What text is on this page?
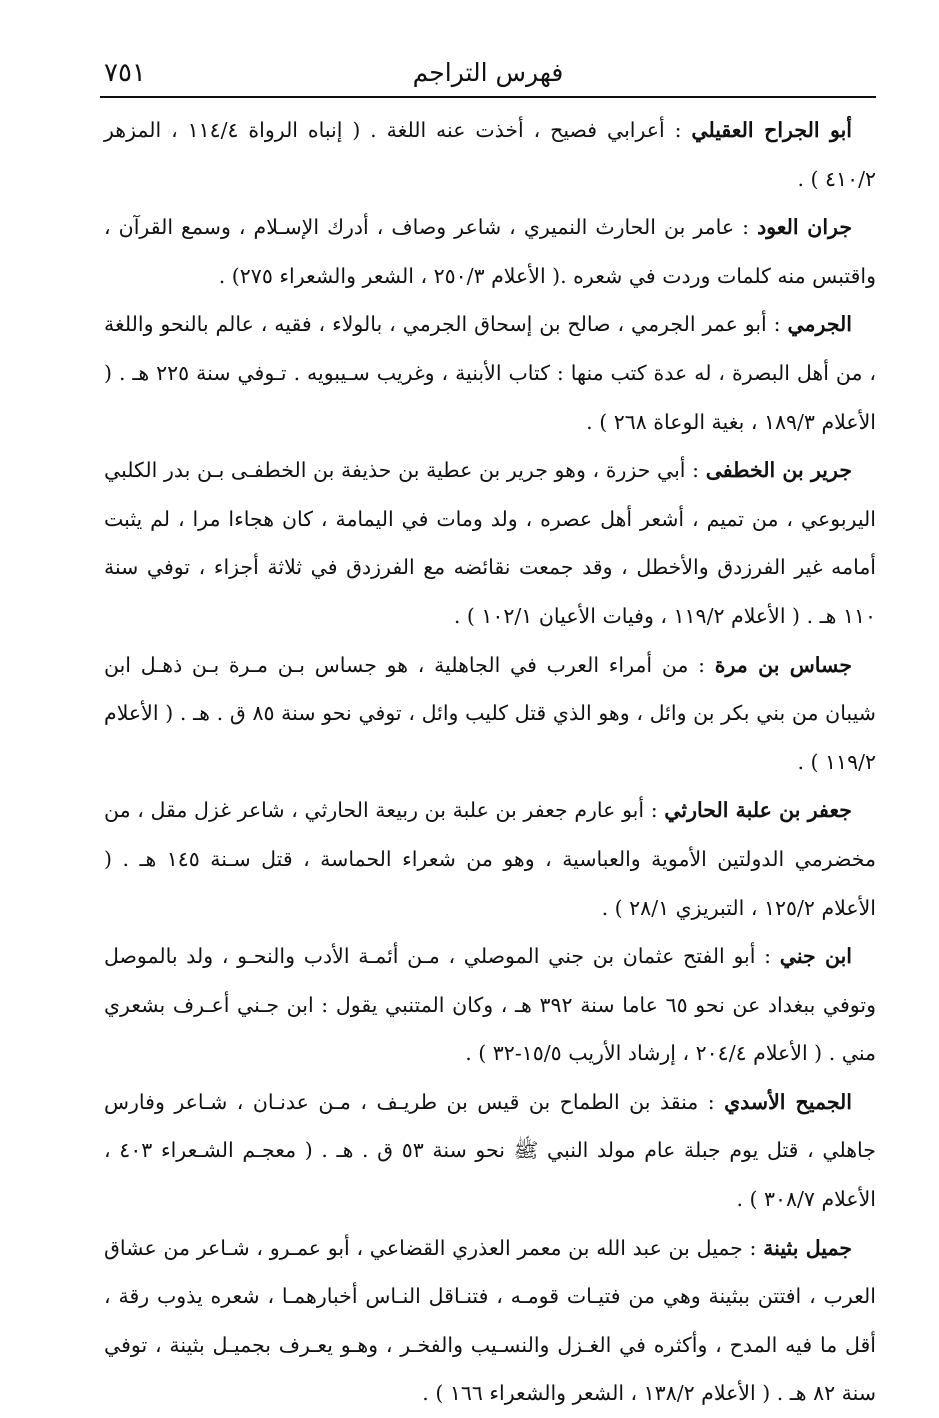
٧٥١	فهرس التراجم

أبو الجراح العقيلي : أعرابي فصيح ، أخذت عنه اللغة . ( إنباه الرواة ١١٤/٤ ، المزهر ٤١٠/٢ ) .

جران العود : عامر بن الحارث النميري ، شاعر وصاف ، أدرك الإسـلام ، وسمع القرآن ، واقتبس منه كلمات وردت في شعره .( الأعلام ٢٥٠/٣ ، الشعر والشعراء ٢٧٥) .

الجرمي : أبو عمر الجرمي ، صالح بن إسحاق الجرمي ، بالولاء ، فقيه ، عالم بالنحو واللغة ، من أهل البصرة ، له عدة كتب منها : كتاب الأبنية ، وغريب سـيبويه . تـوفي سنة ٢٢٥ هـ . ( الأعلام ١٨٩/٣ ، بغية الوعاة ٢٦٨ ) .

جرير بن الخطفى : أبي حزرة ، وهو جرير بن عطية بن حذيفة بن الخطفـى بـن بدر الكلبي اليربوعي ، من تميم ، أشعر أهل عصره ، ولد ومات في اليمامة ، كان هجاءا مرا ، لم يثبت أمامه غير الفرزدق والأخطل ، وقد جمعت نقائضه مع الفرزدق في ثلاثة أجزاء ، توفي سنة ١١٠ هـ . ( الأعلام ١١٩/٢ ، وفيات الأعيان ١٠٢/١ ) .

جساس بن مرة : من أمراء العرب في الجاهلية ، هو جساس بـن مـرة بـن ذهـل ابن شيبان من بني بكر بن وائل ، وهو الذي قتل كليب وائل ، توفي نحو سنة ٨٥ ق . هـ . ( الأعلام ١١٩/٢ ) .

جعفر بن علبة الحارثي : أبو عارم جعفر بن علبة بن ربيعة الحارثي ، شاعر غزل مقل ، من مخضرمي الدولتين الأموية والعباسية ، وهو من شعراء الحماسة ، قتل سـنة ١٤٥ هـ . ( الأعلام ١٢٥/٢ ، التبريزي ٢٨/١ ) .

ابن جني : أبو الفتح عثمان بن جني الموصلي ، مـن أئمـة الأدب والنحـو ، ولد بالموصل وتوفي ببغداد عن نحو ٦٥ عاما سنة ٣٩٢ هـ ، وكان المتنبي يقول : ابن جـني أعـرف بشعري مني . ( الأعلام ٢٠٤/٤ ، إرشاد الأريب ١٥/٥-٣٢ ) .

الجميح الأسدي : منقذ بن الطماح بن قيس بن طريـف ، مـن عدنـان ، شـاعر وفارس جاهلي ، قتل يوم جبلة عام مولد النبي ﷺ نحو سنة ٥٣ ق . هـ . ( معجـم الشـعراء ٤٠٣ ، الأعلام ٣٠٨/٧ ) .

جميل بثينة : جميل بن عبد الله بن معمر العذري القضاعي ، أبو عمـرو ، شـاعر من عشاق العرب ، افتتن ببثينة وهي من فتيـات قومـه ، فتنـاقل النـاس أخبارهمـا ، شعره يذوب رقة ، أقل ما فيه المدح ، وأكثره في الغـزل والنسـيب والفخـر ، وهـو يعـرف بجميـل بثينة ، توفي سنة ٨٢ هـ . ( الأعلام ١٣٨/٢ ، الشعر والشعراء ١٦٦ ) .
